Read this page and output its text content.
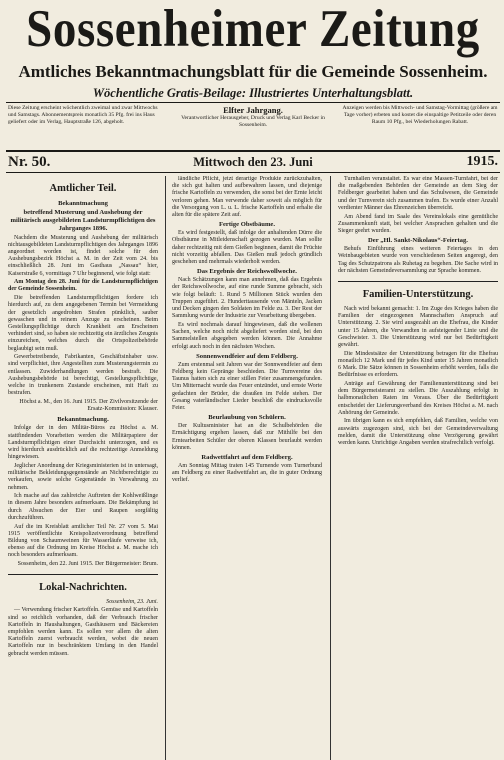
Sossenheimer Zeitung
Amtliches Bekanntmachungsblatt für die Gemeinde Sossenheim.
Wöchentliche Gratis-Beilage: Illustriertes Unterhaltungsblatt.
Diese Zeitung erscheint wöchentlich zweimal und zwar Mittwochs und Samstags. Abonnementspreis monatlich 35 Pfg. frei ins Haus geliefert oder im Verlag, Hauptstraße 126, abgeholt.
Elfter Jahrgang.
Verantwortlicher Herausgeber, Druck und Verlag Karl Becker in Sossenheim.
Anzeigen werden bis Mittwoch- und Samstag-Vormittag (größere am Tage vorher) erbeten und kostet die einspaltige Petitzeile oder deren Raum 10 Pfg., bei Wiederholungen Rabatt.
Nr. 50.	Mittwoch den 23. Juni	1915.
Amtlicher Teil.
Bekanntmachung

betreffend Musterung und Aushebung der militärisch ausgebildeten Landsturmpflichtigen des Jahrganges 1896.

Nachdem die Musterung und Aushebung der militärisch nichtausgebildeten Landsturmpflichtigen des Jahrganges 1896 angeordnet worden ist, findet solche für den Aushebungsbezirk Höchst a. M. in der Zeit vom 24. bis einschließlich 28. Juni im Gasthaus „Nassau“ hier, Kaiserstraße 6, vormittags 7 Uhr beginnend, wie folgt statt:

Am Montag den 28. Juni für die Landsturmpflichtigen der Gemeinde Sossenheim.

Die betreffenden Landsturmpflichtigen fordere ich hierdurch auf, zu dem angegebenen Termin bei Vermeidung der gesetzlich angedrohten Strafen pünktlich, sauber gewaschen und in reinem Anzuge zu erscheinen. Beim Gestellungspflichtige durch Krankheit am Erscheinen verhindert sind, so haben sie rechtzeitig ein ärztliches Zeugnis einzureichen, welches durch die Ortspolizeibehörde beglaubigt sein muß.

Gewerbetreibende, Fabrikanten, Geschäftsinhaber usw. sind verpflichtet, ihre Angestellten zum Musterungstermin zu entlassen. Zuwiderhandlungen werden bestraft. Die Aushebungsbehörde ist berechtigt, Gestellungspflichtige, welche in trunkenem Zustande erscheinen, mit Haft zu bestrafen.

Höchst a. M., den 16. Juni 1915. Der Zivilvorsitzende der Ersatz-Kommission: Klauser.
Bekanntmachung.

Infolge der in den Militär-Büros zu Höchst a. M. stattfindenden Vorarbeiten werden die Militärpapiere der Landsturmpflichtigen einer Durchsicht unterzogen, und es wird hierdurch ausdrücklich auf die rechtzeitige Anmeldung hingewiesen.

Jeglicher Anordnung der Kriegsministerien ist in untersagt, militärische Bekleidungsgegenstände an Nichtberechtigte zu verkaufen, sowie solche Gegenstände in Verwahrung zu nehmen.

Ich mache auf das zahlreiche Auftreten der Kohlweißlinge in diesem Jahre besonders aufmerksam. Die Bekämpfung ist durch Absuchen der Eier und Raupen sorgfältig durchzuführen.

Auf die im Kreisblatt amtlicher Teil Nr. 27 vom 5. Mai 1915 veröffentlichte Kreispolizeiverordnung betreffend Bildung von Schaumweinen für Wasserläufe verweise ich, ebenso auf die Ordnung im Kreise Höchst a. M. mache ich noch besonders aufmerksam.

Sossenheim, den 22. Juni 1915. Der Bürgermeister: Brum.
Lokal-Nachrichten.
Sossenheim, 23. Juni.

— Verwendung frischer Kartoffeln. Gemüse und Kartoffeln sind so reichlich vorhanden, daß der Verbrauch frischer Kartoffeln in Haushaltungen, Gasthäusern und Bäckereien empfohlen werden kann. Es sollen vor allem die alten Kartoffeln zuerst verbraucht werden, wobei die neuen Kartoffeln nur in beschränktem Umfang in den Handel gebracht werden müssen.

ländliche Pflicht, jetzt derartige Produkte zurückzuhalten, die sich gut halten und aufbewahren lassen, und diejenige frische Kartoffeln zu verwenden, die sonst bei der Ernte leicht verloren gehen. Man verwende daher soweit als möglich für die Versorgung von L. u. L. frische Kartoffeln und erhalte die alten für die spätere Zeit auf.

Fertige Obstbäume.

Es wird festgestellt, daß infolge der anhaltenden Dürre die Obstbäume in Mitleidenschaft gezogen wurden. Man sollte daher rechtzeitig mit dem Gießen beginnen, damit die Früchte nicht vorzeitig abfallen. Das Gießen muß jedoch gründlich geschehen und mehrmals wiederholt werden.

Das Ergebnis der Reichswollwoche.

Nach Schätzungen kann man annehmen, daß das Ergebnis der Reichswollwoche, auf eine runde Summe gebracht, sich wie folgt beläuft: 1. Rund 5 Millionen Stück wurden den Truppen zugeführt. 2. Hunderttausende von Mänteln, Jacken und Decken gingen den Soldaten im Felde zu. 3. Der Rest der Sammlung wurde der Industrie zur Verarbeitung übergeben.

Es wird nochmals darauf hingewiesen, daß die wollenen Sachen, welche noch nicht abgeliefert worden sind, bei den Sammelstellen abgegeben werden können. Die Annahme erfolgt auch noch in den nächsten Wochen.

Sonnenwendfeier auf dem Feldberg.

Zum erstenmal seit Jahren war der Sonnwendfeier auf dem Feldberg kein Gepränge beschieden. Die Turnvereine des Taunus hatten sich zu einer stillen Feier zusammengefunden. Um Mitternacht wurde das Feuer entzündet, und ernste Worte gedachten der Brüder, die draußen im Felde stehen. Der Gesang vaterländischer Lieder beschloß die eindrucksvolle Feier.

Beurlaubung von Schülern.

Der Kultusminister hat an die Schulbehörden die Ermächtigung ergehen lassen, daß zur Mithilfe bei den Erntearbeiten Schüler der oberen Klassen beurlaubt werden können.

Radwettfahrt auf dem Feldberg.

Am Sonntag Mittag traten 145 Turnende vom Turnerbund am Feldberg zu einer Radwettfahrt an, die in guter Ordnung verlief.

Turnhallen veranstaltet. Es war eine Massen-Turnfahrt, bei der die maßgebenden Behörden der Gemeinde an dem Sieg der Feldberger gearbeitet haben und das Schulwesen, die Gemeinde und der Turnverein sich zusammen trafen. Es wurde einer Anzahl verdienter Männer das Ehrenzeichen überreicht.

Am Abend fand im Saale des Vereinslokals eine gemütliche Zusammenkunft statt, bei welcher Ansprachen gehalten und die Sieger geehrt wurden.

Der „Hl. Sankt-Nikolaus“-Feiertag.

Behufs Einführung eines weiteren Feiertages in den Weinbaugebieten wurde von verschiedenen Seiten angeregt, den Tag des Schutzpatrons als Ruhetag zu begehen. Die Sache wird in der nächsten Gemeindeversammlung zur Sprache kommen.

Familien-Unterstützung.

Nach wird bekannt gemacht: 1. Im Zuge des Krieges haben die Familien der eingezogenen Mannschaften Anspruch auf Unterstützung. 2. Sie wird ausgezahlt an die Ehefrau, die Kinder unter 15 Jahren, die Verwandten in aufsteigender Linie und die Geschwister. 3. Die Unterstützung wird nur bei Bedürftigkeit gewährt.

Die Mindestsätze der Unterstützung betragen für die Ehefrau monatlich 12 Mark und für jedes Kind unter 15 Jahren monatlich 6 Mark. Die Sätze können in Sossenheim erhöht werden, falls die Bedürfnisse es erfordern.

Anträge auf Gewährung der Familienunterstützung sind bei dem Bürgermeisteramt zu stellen. Die Auszahlung erfolgt in halbmonatlichen Raten im Voraus. Über die Bedürftigkeit entscheidet der Lieferungsverband des Kreises Höchst a. M. nach Anhörung der Gemeinde.

Im übrigen kann es sich empfehlen, daß Familien, welche von auswärts zugezogen sind, sich bei der Gemeindeverwaltung melden, damit die Unterstützung ohne Verzögerung gewährt werden kann. Unrichtige Angaben werden strafrechtlich verfolgt.
